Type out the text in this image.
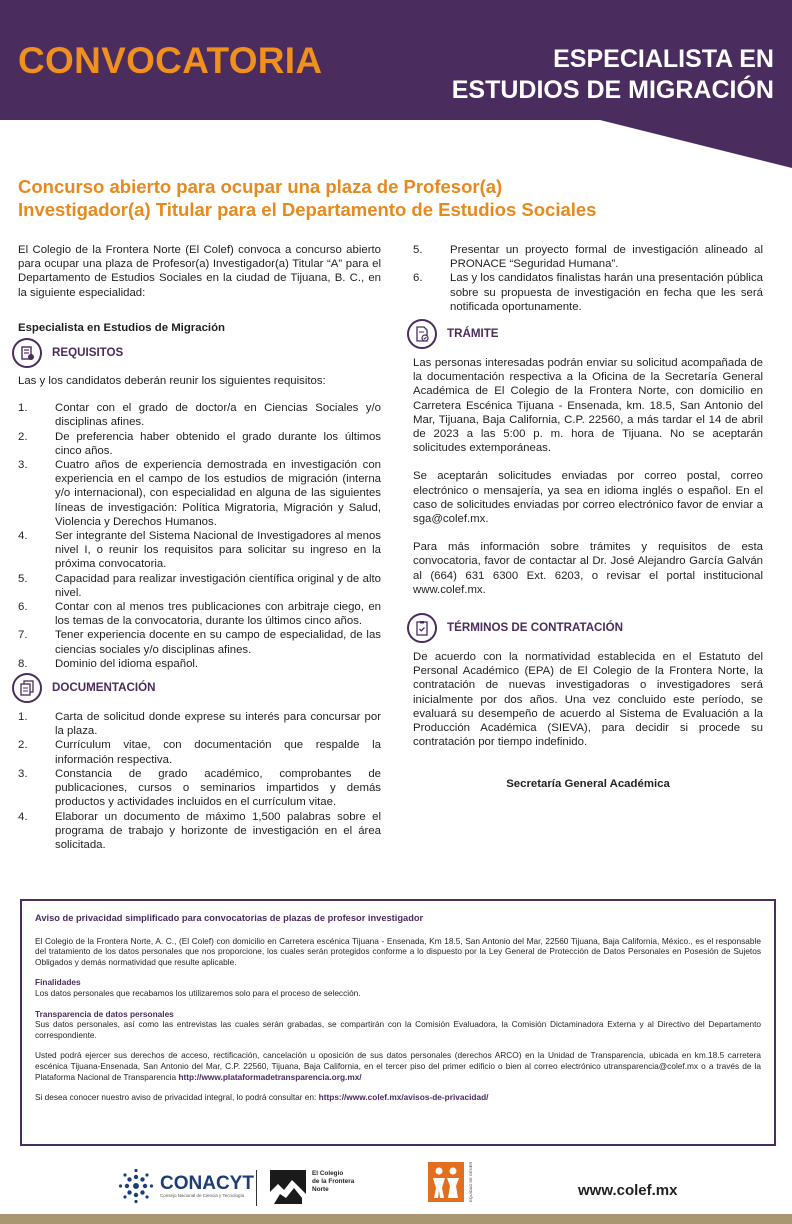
CONVOCATORIA	ESPECIALISTA EN
ESTUDIOS DE MIGRACIÓN
Concurso abierto para ocupar una plaza de Profesor(a)
Investigador(a) Titular para el Departamento de Estudios Sociales

El Colegio de la Frontera Norte (El Colef) convoca a concurso abierto para ocupar una plaza de Profesor(a) Investigador(a) Titular “A” para el Departamento de Estudios Sociales en la ciudad de Tijuana, B. C., en la siguiente especialidad:

Especialista en Estudios de Migración

REQUISITOS

Las y los candidatos deberán reunir los siguientes requisitos:

1. Contar con el grado de doctor/a en Ciencias Sociales y/o disciplinas afines.
2. De preferencia haber obtenido el grado durante los últimos cinco años.
3. Cuatro años de experiencia demostrada en investigación con experiencia en el campo de los estudios de migración (interna y/o internacional), con especialidad en alguna de las siguientes líneas de investigación: Política Migratoria, Migración y Salud, Violencia y Derechos Humanos.
4. Ser integrante del Sistema Nacional de Investigadores al menos nivel I, o reunir los requisitos para solicitar su ingreso en la próxima convocatoria.
5. Capacidad para realizar investigación científica original y de alto nivel.
6. Contar con al menos tres publicaciones con arbitraje ciego, en los temas de la convocatoria, durante los últimos cinco años.
7. Tener experiencia docente en su campo de especialidad, de las ciencias sociales y/o disciplinas afines.
8. Dominio del idioma español.
DOCUMENTACIÓN
1. Carta de solicitud donde exprese su interés para concursar por la plaza.
2. Currículum vitae, con documentación que respalde la información respectiva.
3. Constancia de grado académico, comprobantes de publicaciones, cursos o seminarios impartidos y demás productos y actividades incluidos en el currículum vitae.
4. Elaborar un documento de máximo 1,500 palabras sobre el programa de trabajo y horizonte de investigación en el área solicitada.
5. Presentar un proyecto formal de investigación alineado al PRONACE “Seguridad Humana”.
6. Las y los candidatos finalistas harán una presentación pública sobre su propuesta de investigación en fecha que les será notificada oportunamente.
TRÁMITE

Las personas interesadas podrán enviar su solicitud acompañada de la documentación respectiva a la Oficina de la Secretaría General Académica de El Colegio de la Frontera Norte, con domicilio en Carretera Escénica Tijuana - Ensenada, km. 18.5, San Antonio del Mar, Tijuana, Baja California, C.P. 22560, a más tardar el 14 de abril de 2023 a las 5:00 p. m. hora de Tijuana. No se aceptarán solicitudes extemporáneas.

Se aceptarán solicitudes enviadas por correo postal, correo electrónico o mensajería, ya sea en idioma inglés o español. En el caso de solicitudes enviadas por correo electrónico favor de enviar a sga@colef.mx.

Para más información sobre trámites y requisitos de esta convocatoria, favor de contactar al Dr. José Alejandro García Galván al (664) 631 6300 Ext. 6203, o revisar el portal institucional www.colef.mx.

TÉRMINOS DE CONTRATACIÓN

De acuerdo con la normatividad establecida en el Estatuto del Personal Académico (EPA) de El Colegio de la Frontera Norte, la contratación de nuevas investigadoras o investigadores será inicialmente por dos años. Una vez concluido este período, se evaluará su desempeño de acuerdo al Sistema de Evaluación a la Producción Académica (SIEVA), para decidir si procede su contratación por tiempo indefinido.

Secretaría General Académica

Aviso de privacidad simplificado para convocatorias de plazas de profesor investigador

El Colegio de la Frontera Norte, A. C., (El Colef) con domicilio en Carretera escénica Tijuana - Ensenada, Km 18.5, San Antonio del Mar, 22560 Tijuana, Baja California, México., es el responsable del tratamiento de los datos personales que nos proporcione, los cuales serán protegidos conforme a lo dispuesto por la Ley General de Protección de Datos Personales en Posesión de Sujetos Obligados y demás normatividad que resulte aplicable.

Finalidades

Los datos personales que recabamos los utilizaremos solo para el proceso de selección.

Transparencia de datos personales

Sus datos personales, así como las entrevistas las cuales serán grabadas, se compartirán con la Comisión Evaluadora, la Comisión Dictaminadora Externa y al Directivo del Departamento correspondiente.

Usted podrá ejercer sus derechos de acceso, rectificación, cancelación u oposición de sus datos personales (derechos ARCO) en la Unidad de Transparencia, ubicada en km.18.5 carretera escénica Tijuana-Ensenada, San Antonio del Mar, C.P. 22560, Tijuana, Baja California, en el tercer piso del primer edificio o bien al correo electrónico utransparencia@colef.mx o a través de la Plataforma Nacional de Transparencia http://www.plataformadetransparencia.org.mx/

Si desea conocer nuestro aviso de privacidad integral, lo podrá consultar en: https://www.colef.mx/avisos-de-privacidad/

CONACYT
Consejo Nacional de Ciencia y Tecnología
El Colegio
de la Frontera
Norte	EQUIDAD DE GÉNERO	www.colef.mx
